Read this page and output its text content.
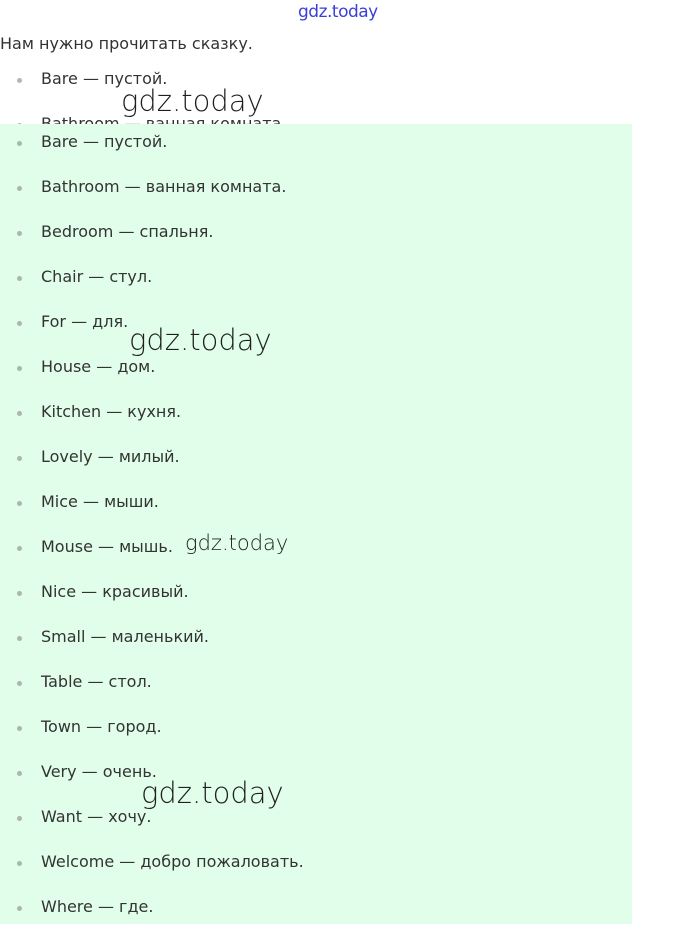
gdz.today
Нам нужно прочитать сказку.
Bare — пустой.
Bare — пустой.
Bathroom — ванная комната.
Bedroom — спальня.
Chair — стул.
For — для.
House — дом.
Kitchen — кухня.
Lovely — милый.
Mice — мыши.
Mouse — мышь.
Nice — красивый.
Small — маленький.
Table — стол.
Town — город.
Very — очень.
Want — хочу.
Welcome — добро пожаловать.
Where — где.
gdz.today
gdz.today
gdz.today
gdz.today
